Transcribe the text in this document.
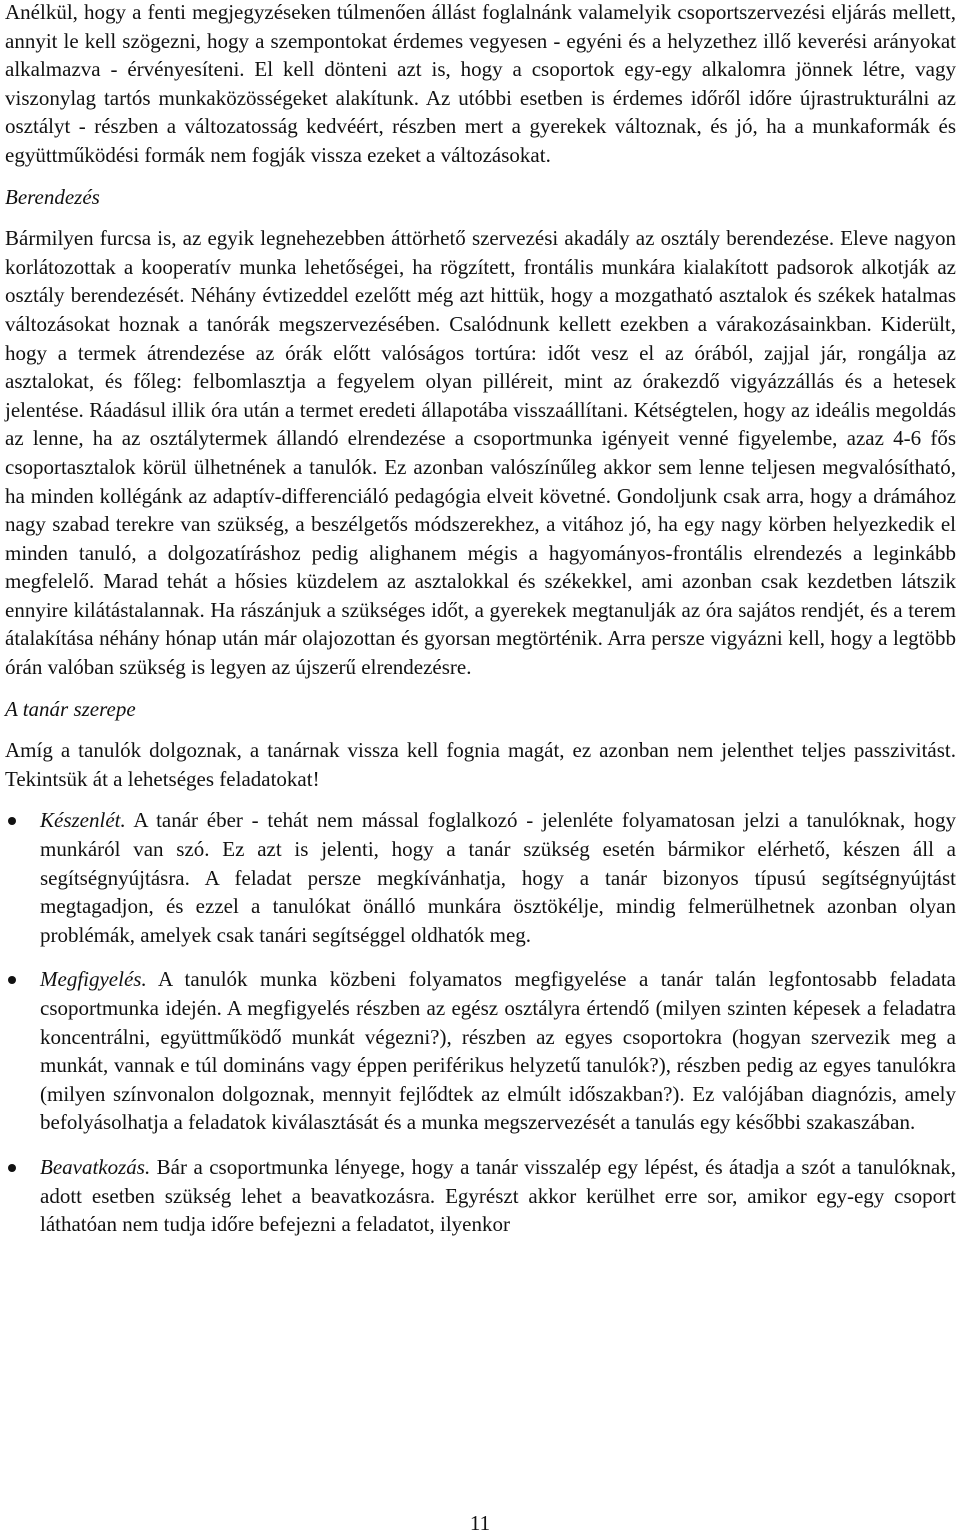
Anélkül, hogy a fenti megjegyzéseken túlmenően állást foglalnánk valamelyik csoportszervezési eljárás mellett, annyit le kell szögezni, hogy a szempontokat érdemes vegyesen - egyéni és a helyzethez illő keverési arányokat alkalmazva - érvényesíteni. El kell dönteni azt is, hogy a csoportok egy-egy alkalomra jönnek létre, vagy viszonylag tartós munkaközösségeket alakítunk. Az utóbbi esetben is érdemes időről időre újrastrukturálni az osztályt - részben a változatosság kedvéért, részben mert a gyerekek változnak, és jó, ha a munkaformák és együttműködési formák nem fogják vissza ezeket a változásokat.

Berendezés

Bármilyen furcsa is, az egyik legnehezebben áttörhető szervezési akadály az osztály berendezése. Eleve nagyon korlátozottak a kooperatív munka lehetőségei, ha rögzített, frontális munkára kialakított padsorok alkotják az osztály berendezését. Néhány évtizeddel ezelőtt még azt hittük, hogy a mozgatható asztalok és székek hatalmas változásokat hoznak a tanórák megszervezésében. Csalódnunk kellett ezekben a várakozásainkban. Kiderült, hogy a termek átrendezése az órák előtt valóságos tortúra: időt vesz el az órából, zajjal jár, rongálja az asztalokat, és főleg: felbomlasztja a fegyelem olyan pilléreit, mint az órakezdő vigyázzállás és a hetesek jelentése. Ráadásul illik óra után a termet eredeti állapotába visszaállítani. Kétségtelen, hogy az ideális megoldás az lenne, ha az osztálytermek állandó elrendezése a csoportmunka igényeit venné figyelembe, azaz 4-6 fős csoportasztalok körül ülhetnének a tanulók. Ez azonban valószínűleg akkor sem lenne teljesen megvalósítható, ha minden kollégánk az adaptív-differenciáló pedagógia elveit követné. Gondoljunk csak arra, hogy a drámához nagy szabad terekre van szükség, a beszélgetős módszerekhez, a vitához jó, ha egy nagy körben helyezkedik el minden tanuló, a dolgozatíráshoz pedig alighanem mégis a hagyományos-frontális elrendezés a leginkább megfelelő. Marad tehát a hősies küzdelem az asztalokkal és székekkel, ami azonban csak kezdetben látszik ennyire kilátástalannak. Ha rászánjuk a szükséges időt, a gyerekek megtanulják az óra sajátos rendjét, és a terem átalakítása néhány hónap után már olajozottan és gyorsan megtörténik. Arra persze vigyázni kell, hogy a legtöbb órán valóban szükség is legyen az újszerű elrendezésre.

A tanár szerepe

Amíg a tanulók dolgoznak, a tanárnak vissza kell fognia magát, ez azonban nem jelenthet teljes passzivitást. Tekintsük át a lehetséges feladatokat!

Készenlét. A tanár éber - tehát nem mással foglalkozó - jelenléte folyamatosan jelzi a tanulóknak, hogy munkáról van szó. Ez azt is jelenti, hogy a tanár szükség esetén bármikor elérhető, készen áll a segítségnyújtásra. A feladat persze megkívánhatja, hogy a tanár bizonyos típusú segítségnyújtást megtagadjon, és ezzel a tanulókat önálló munkára ösztökélje, mindig felmerülhetnek azonban olyan problémák, amelyek csak tanári segítséggel oldhatók meg.
Megfigyelés. A tanulók munka közbeni folyamatos megfigyelése a tanár talán legfontosabb feladata csoportmunka idején. A megfigyelés részben az egész osztályra értendő (milyen szinten képesek a feladatra koncentrálni, együttműködő munkát végezni?), részben az egyes csoportokra (hogyan szervezik meg a munkát, vannak e túl domináns vagy éppen periférikus helyzetű tanulók?), részben pedig az egyes tanulókra (milyen színvonalon dolgoznak, mennyit fejlődtek az elmúlt időszakban?). Ez valójában diagnózis, amely befolyásolhatja a feladatok kiválasztását és a munka megszervezését a tanulás egy későbbi szakaszában.
Beavatkozás. Bár a csoportmunka lényege, hogy a tanár visszalép egy lépést, és átadja a szót a tanulóknak, adott esetben szükség lehet a beavatkozásra. Egyrészt akkor kerülhet erre sor, amikor egy-egy csoport láthatóan nem tudja időre befejezni a feladatot, ilyenkor
11
